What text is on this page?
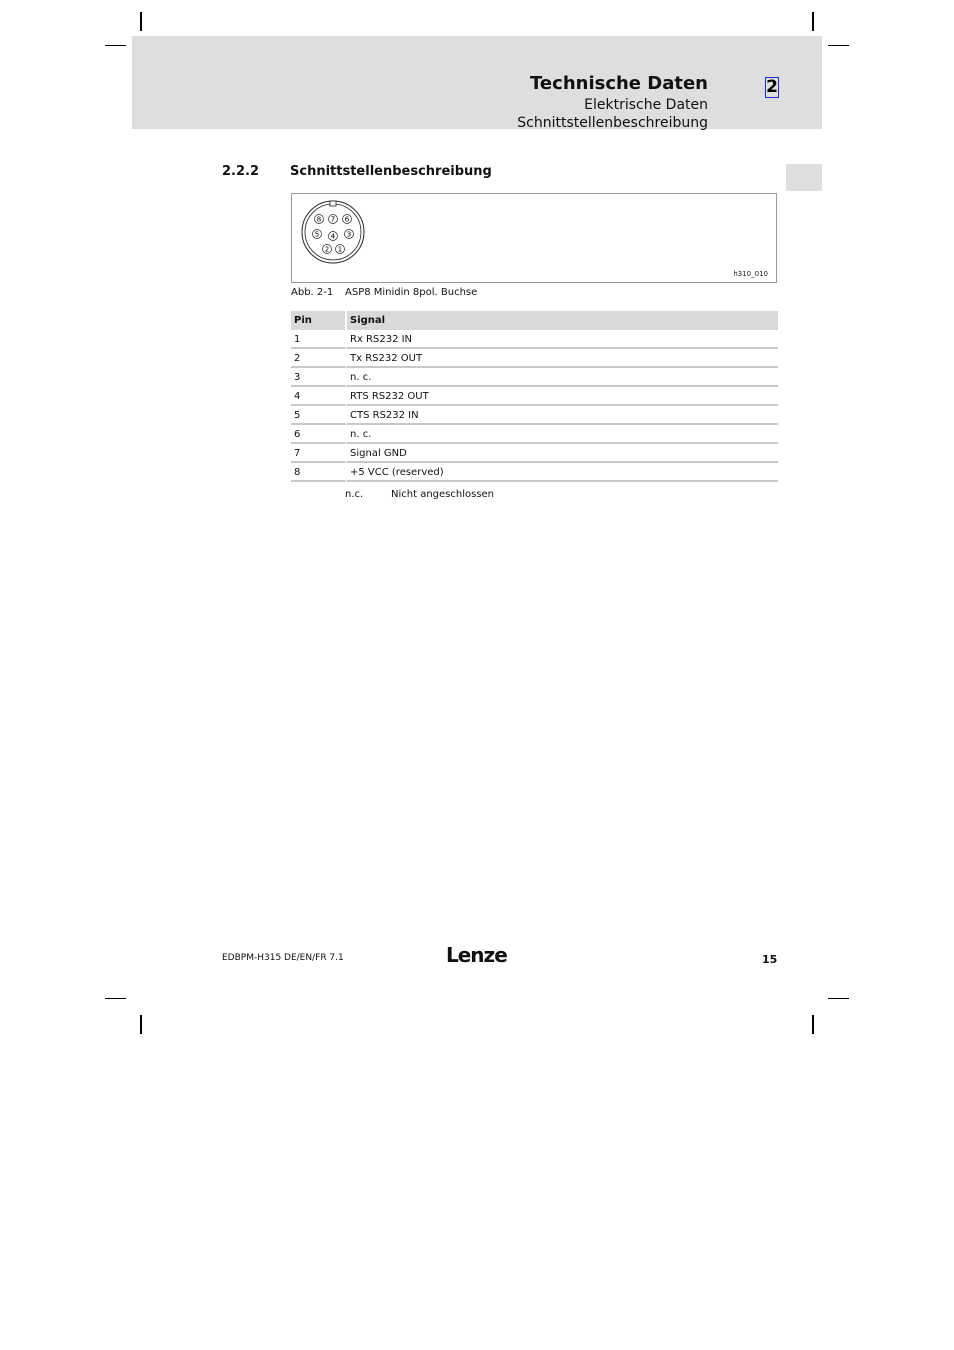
Technische Daten
Elektrische Daten
Schnittstellenbeschreibung
2
2.2.2 Schnittstellenbeschreibung
8 7 6
5 4 3
2 1
h310_010
Abb. 2-1 ASP8 Minidin 8pol. Buchse
Pin	Signal
1	Rx RS232 IN
2	Tx RS232 OUT
3	n. c.
4	RTS RS232 OUT
5	CTS RS232 IN
6	n. c.
7	Signal GND
8	+5 VCC (reserved)
n.c.	Nicht angeschlossen
EDBPM-H315 DE/EN/FR 7.1	Lenze	15
